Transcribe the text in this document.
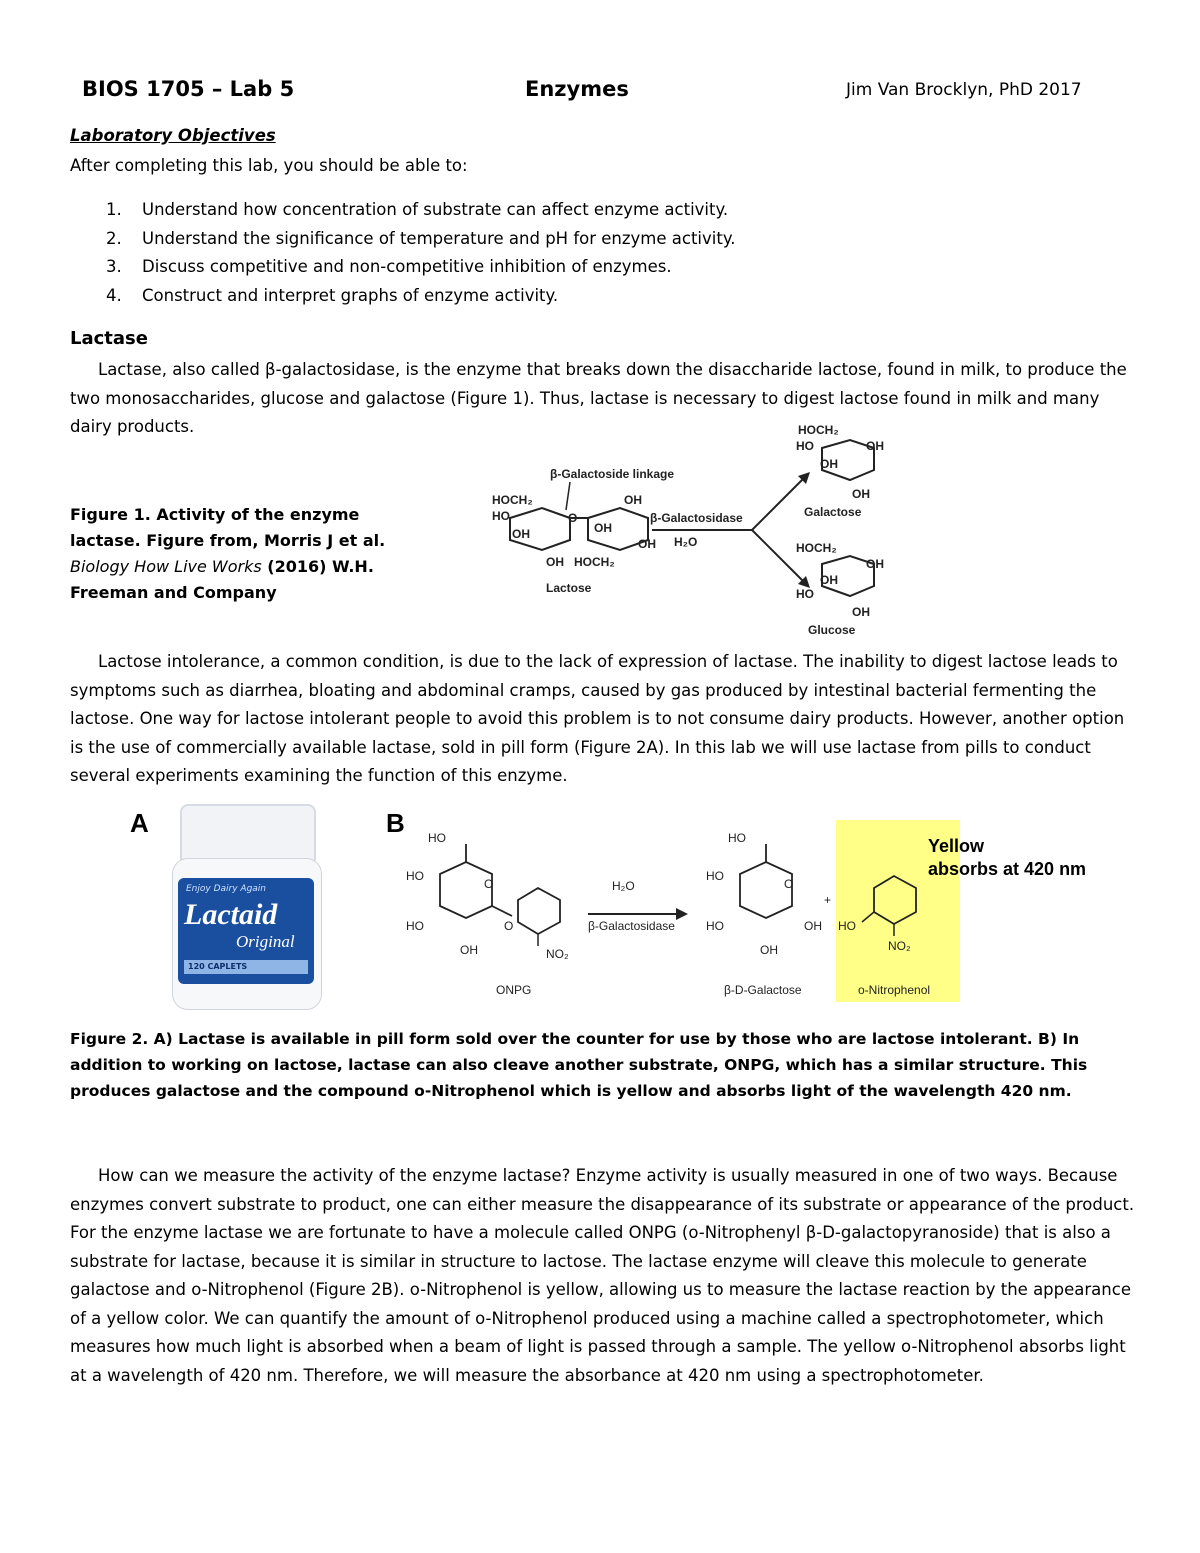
BIOS 1705 – Lab 5	Enzymes	Jim Van Brocklyn, PhD 2017
Laboratory Objectives
After completing this lab, you should be able to:
1. Understand how concentration of substrate can affect enzyme activity.
2. Understand the significance of temperature and pH for enzyme activity.
3. Discuss competitive and non-competitive inhibition of enzymes.
4. Construct and interpret graphs of enzyme activity.
Lactase
Lactase, also called β-galactosidase, is the enzyme that breaks down the disaccharide lactose, found in milk, to produce the two monosaccharides, glucose and galactose (Figure 1). Thus, lactase is necessary to digest lactose found in milk and many dairy products.
Figure 1. Activity of the enzyme lactase. Figure from, Morris J et al. Biology How Live Works (2016) W.H. Freeman and Company
HOCH₂
HO
OH
OH
O
OH
OH
OH
HOCH₂
Lactose
β-Galactoside linkage
β-Galactosidase
H₂O
HOCH₂
HO	OH
OH
OH
Galactose
HOCH₂
OH
OH
HO
OH
Glucose
Lactose intolerance, a common condition, is due to the lack of expression of lactase. The inability to digest lactose leads to symptoms such as diarrhea, bloating and abdominal cramps, caused by gas produced by intestinal bacterial fermenting the lactose. One way for lactose intolerant people to avoid this problem is to not consume dairy products. However, another option is the use of commercially available lactase, sold in pill form (Figure 2A). In this lab we will use lactase from pills to conduct several experiments examining the function of this enzyme.
A	B
Enjoy Dairy Again
Lactaid
Original
120 CAPLETS
HO
HO
HO
OH
O
O
NO₂
ONPG
H₂O
β-Galactosidase
HO
HO
HO
OH
OH
O
β-D-Galactose
+
HO
NO₂
o-Nitrophenol
Yellow
absorbs at 420 nm
Figure 2. A) Lactase is available in pill form sold over the counter for use by those who are lactose intolerant. B) In addition to working on lactose, lactase can also cleave another substrate, ONPG, which has a similar structure. This produces galactose and the compound o-Nitrophenol which is yellow and absorbs light of the wavelength 420 nm.
How can we measure the activity of the enzyme lactase? Enzyme activity is usually measured in one of two ways. Because enzymes convert substrate to product, one can either measure the disappearance of its substrate or appearance of the product. For the enzyme lactase we are fortunate to have a molecule called ONPG (o-Nitrophenyl β-D-galactopyranoside) that is also a substrate for lactase, because it is similar in structure to lactose. The lactase enzyme will cleave this molecule to generate galactose and o-Nitrophenol (Figure 2B). o-Nitrophenol is yellow, allowing us to measure the lactase reaction by the appearance of a yellow color. We can quantify the amount of o-Nitrophenol produced using a machine called a spectrophotometer, which measures how much light is absorbed when a beam of light is passed through a sample. The yellow o-Nitrophenol absorbs light at a wavelength of 420 nm. Therefore, we will measure the absorbance at 420 nm using a spectrophotometer.
